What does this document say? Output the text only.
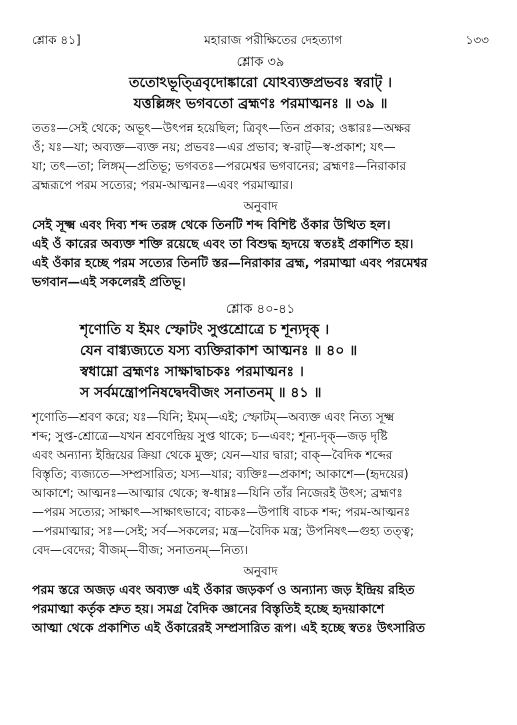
শ্লোক ৪১]	মহারাজ পরীক্ষিতের দেহত্যাগ	১৩৩
শ্লোক ৩৯
ততোঽভূত্ত্রিবৃদোঙ্কারো যোঽব্যক্তপ্রভবঃ স্বরাট্ ।
যত্তল্লিঙ্গং ভগবতো ব্রহ্মণঃ পরমাত্মনঃ ॥ ৩৯ ॥
ততঃ—সেই থেকে; অভূৎ—উৎপন্ন হয়েছিল; ত্রিবৃৎ—তিন প্রকার; ওঙ্কারঃ—অক্ষর
ওঁ; যঃ—যা; অব্যক্ত—ব্যক্ত নয়; প্রভবঃ—এর প্রভাব; স্ব-রাট্—স্ব-প্রকাশ; যৎ—
যা; তৎ—তা; লিঙ্গম্—প্রতিভূ; ভগবতঃ—পরমেশ্বর ভগবানের; ব্রহ্মণঃ—নিরাকার
ব্রহ্মরূপে পরম সত্যের; পরম-আত্মনঃ—এবং পরমাত্মার।
অনুবাদ
সেই সূক্ষ্ম এবং দিব্য শব্দ তরঙ্গ থেকে তিনটি শব্দ বিশিষ্ট ওঁকার উত্থিত হল।
এই ওঁ কারের অব্যক্ত শক্তি রয়েছে এবং তা বিশুদ্ধ হৃদয়ে স্বতঃই প্রকাশিত হয়।
এই ওঁকার হচ্ছে পরম সত্যের তিনটি স্তর—নিরাকার ব্রহ্ম, পরমাত্মা এবং পরমেশ্বর
ভগবান—এই সকলেরই প্রতিভূ।
শ্লোক ৪০-৪১
শৃণোতি য ইমং স্ফোটং সুপ্তশ্রোত্রে চ শূন্যদৃক্ ।
যেন বাগ্ব্যজ্যতে যস্য ব্যক্তিরাকাশ আত্মনঃ ॥ ৪০ ॥
স্বধাম্নো ব্রহ্মণঃ সাক্ষাদ্বাচকঃ পরমাত্মনঃ ।
স সর্বমন্ত্রোপনিষদ্বেদবীজং সনাতনম্ ॥ ৪১ ॥
শৃণোতি—শ্রবণ করে; যঃ—যিনি; ইমম্—এই; স্ফোটম্—অব্যক্ত এবং নিত্য সূক্ষ্ম
শব্দ; সুপ্ত-শ্রোত্রে—যখন শ্রবণেন্দ্রিয় সুপ্ত থাকে; চ—এবং; শূন্য-দৃক্—জড় দৃষ্টি
এবং অন্যান্য ইন্দ্রিয়ের ক্রিয়া থেকে মুক্ত; যেন—যার দ্বারা; বাক্—বৈদিক শব্দের
বিস্তৃতি; ব্যজ্যতে—সম্প্রসারিত; যস্য—যার; ব্যক্তিঃ—প্রকাশ; আকাশে—(হৃদয়ের)
আকাশে; আত্মনঃ—আত্মার থেকে; স্ব-ধাম্নঃ—যিনি তাঁর নিজেরই উৎস; ব্রহ্মণঃ
—পরম সত্যের; সাক্ষাৎ—সাক্ষাৎভাবে; বাচকঃ—উপাধি বাচক শব্দ; পরম-আত্মনঃ
—পরমাত্মার; সঃ—সেই; সর্ব—সকলের; মন্ত্র—বৈদিক মন্ত্র; উপনিষৎ—গুহ্য তত্ত্ব;
বেদ—বেদের; বীজম্—বীজ; সনাতনম্—নিত্য।
অনুবাদ
পরম স্তরে অজড় এবং অব্যক্ত এই ওঁকার জড়কর্ণ ও অন্যান্য জড় ইন্দ্রিয় রহিত
পরমাত্মা কর্তৃক শ্রুত হয়। সমগ্র বৈদিক জ্ঞানের বিস্তৃতিই হচ্ছে হৃদয়াকাশে
আত্মা থেকে প্রকাশিত এই ওঁকারেরই সম্প্রসারিত রূপ। এই হচ্ছে স্বতঃ উৎসারিত
